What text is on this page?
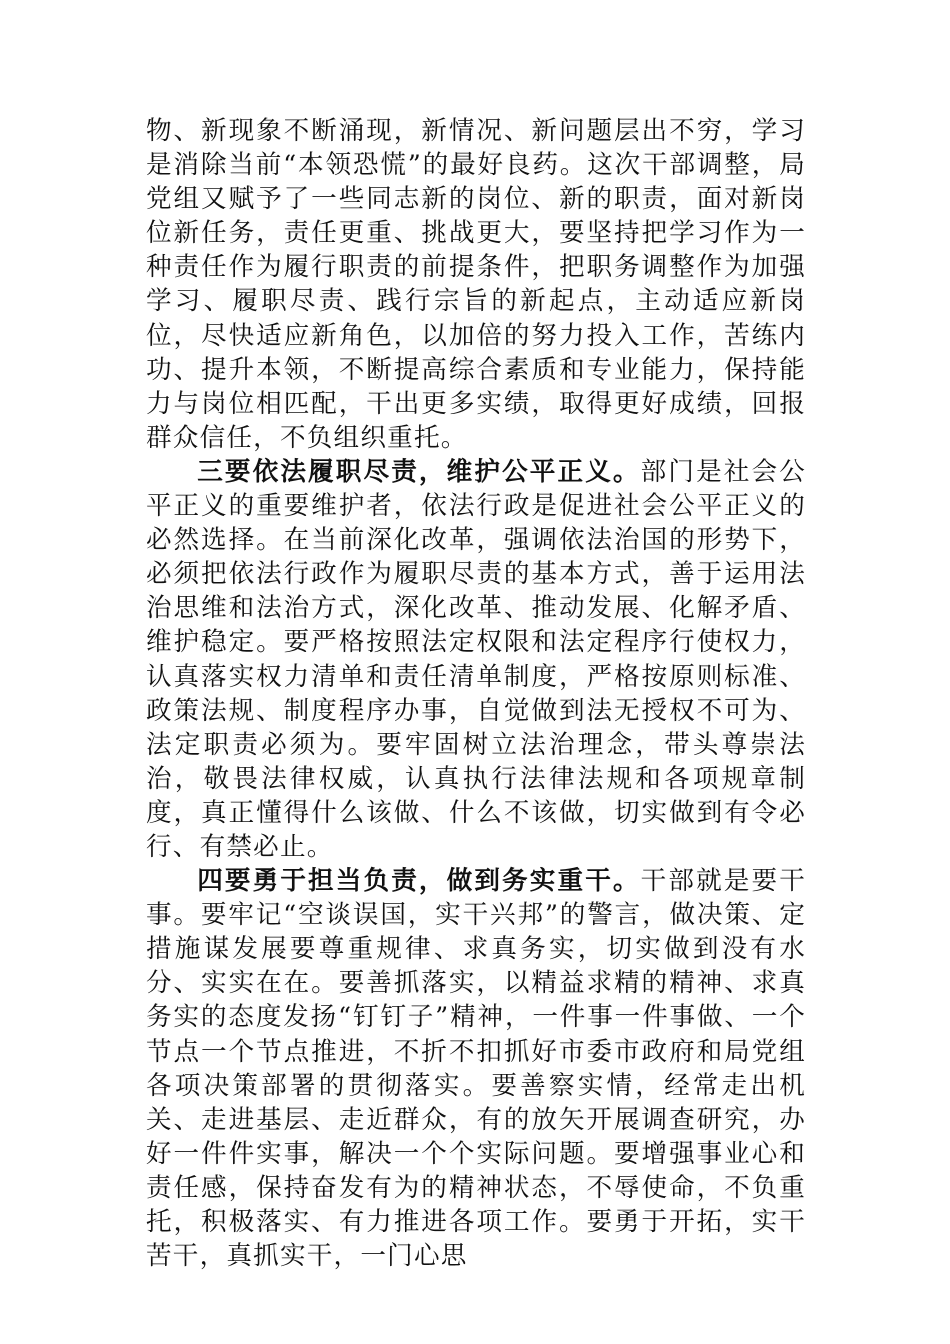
物、新现象不断涌现，新情况、新问题层出不穷，学习是消除当前“本领恐慌”的最好良药。这次干部调整，局党组又赋予了一些同志新的岗位、新的职责，面对新岗位新任务，责任更重、挑战更大，要坚持把学习作为一种责任作为履行职责的前提条件，把职务调整作为加强学习、履职尽责、践行宗旨的新起点，主动适应新岗位，尽快适应新角色，以加倍的努力投入工作，苦练内功、提升本领，不断提高综合素质和专业能力，保持能力与岗位相匹配，干出更多实绩，取得更好成绩，回报群众信任，不负组织重托。

三要依法履职尽责，维护公平正义。部门是社会公平正义的重要维护者，依法行政是促进社会公平正义的必然选择。在当前深化改革，强调依法治国的形势下，必须把依法行政作为履职尽责的基本方式，善于运用法治思维和法治方式，深化改革、推动发展、化解矛盾、维护稳定。要严格按照法定权限和法定程序行使权力，认真落实权力清单和责任清单制度，严格按原则标准、政策法规、制度程序办事，自觉做到法无授权不可为、法定职责必须为。要牢固树立法治理念，带头尊崇法治，敬畏法律权威，认真执行法律法规和各项规章制度，真正懂得什么该做、什么不该做，切实做到有令必行、有禁必止。

四要勇于担当负责，做到务实重干。干部就是要干事。要牢记“空谈误国，实干兴邦”的警言，做决策、定措施谋发展要尊重规律、求真务实，切实做到没有水分、实实在在。要善抓落实，以精益求精的精神、求真务实的态度发扬“钉钉子”精神，一件事一件事做、一个节点一个节点推进，不折不扣抓好市委市政府和局党组各项决策部署的贯彻落实。要善察实情，经常走出机关、走进基层、走近群众，有的放矢开展调查研究，办好一件件实事，解决一个个实际问题。要增强事业心和责任感，保持奋发有为的精神状态，不辱使命，不负重托，积极落实、有力推进各项工作。要勇于开拓，实干苦干，真抓实干，一门心思
